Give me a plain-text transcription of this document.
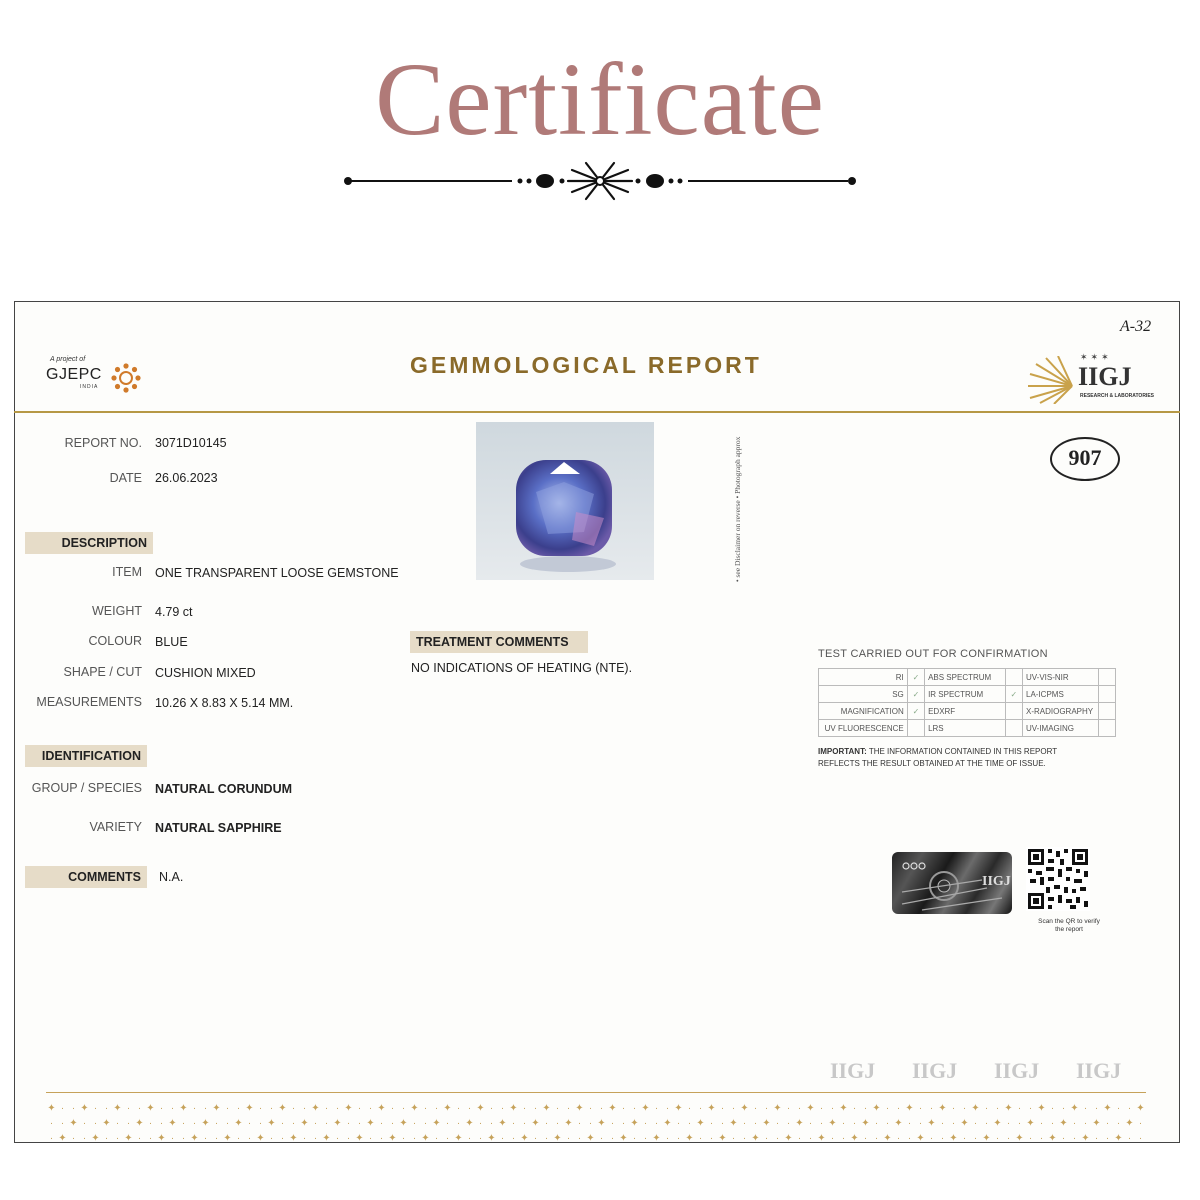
Certificate
A project of
GJEPC
INDIA
GEMMOLOGICAL REPORT
A-32
✶✶✶
IIGJ
RESEARCH & LABORATORIES
REPORT NO. 3071D10145
DATE 26.06.2023
DESCRIPTION
ITEM ONE TRANSPARENT LOOSE GEMSTONE
WEIGHT 4.79 ct
COLOUR BLUE
SHAPE / CUT CUSHION MIXED
MEASUREMENTS 10.26 X 8.83 X 5.14 MM.
IDENTIFICATION
GROUP / SPECIES NATURAL CORUNDUM
VARIETY NATURAL SAPPHIRE
COMMENTS	N.A.
• see Disclaimer on reverse • Photograph approx	907
TREATMENT COMMENTS
NO INDICATIONS OF HEATING (NTE).
TEST CARRIED OUT FOR CONFIRMATION
RI	✓	ABS SPECTRUM		UV-VIS-NIR	
SG	✓	IR SPECTRUM	✓	LA-ICPMS	
MAGNIFICATION	✓	EDXRF		X-RADIOGRAPHY	
UV FLUORESCENCE		LRS		UV-IMAGING	
IMPORTANT: THE INFORMATION CONTAINED IN THIS REPORT REFLECTS THE RESULT OBTAINED AT THE TIME OF ISSUE.
IIGJ
Scan the QR to verify the report
IIGJ IIGJ IIGJ IIGJ
✦ · · ✦ · · ✦ · · ✦ · · ✦ · · ✦ · · ✦ · · ✦ · · ✦ · · ✦ · · ✦ · · ✦ · · ✦ · · ✦ · · ✦ · · ✦ · · ✦ · · ✦ · · ✦ · · ✦ · · ✦ · · ✦ · · ✦ · · ✦ · · ✦ · · ✦ · · ✦ · · ✦ · · ✦ · · ✦ · · ✦ · · ✦ · · ✦ · · ✦
· · ✦ · · ✦ · · ✦ · · ✦ · · ✦ · · ✦ · · ✦ · · ✦ · · ✦ · · ✦ · · ✦ · · ✦ · · ✦ · · ✦ · · ✦ · · ✦ · · ✦ · · ✦ · · ✦ · · ✦ · · ✦ · · ✦ · · ✦ · · ✦ · · ✦ · · ✦ · · ✦ · · ✦ · · ✦ · · ✦ · · ✦ · · ✦ · · ✦ ·
· ✦ · · ✦ · · ✦ · · ✦ · · ✦ · · ✦ · · ✦ · · ✦ · · ✦ · · ✦ · · ✦ · · ✦ · · ✦ · · ✦ · · ✦ · · ✦ · · ✦ · · ✦ · · ✦ · · ✦ · · ✦ · · ✦ · · ✦ · · ✦ · · ✦ · · ✦ · · ✦ · · ✦ · · ✦ · · ✦ · · ✦ · · ✦ · · ✦ · ·
